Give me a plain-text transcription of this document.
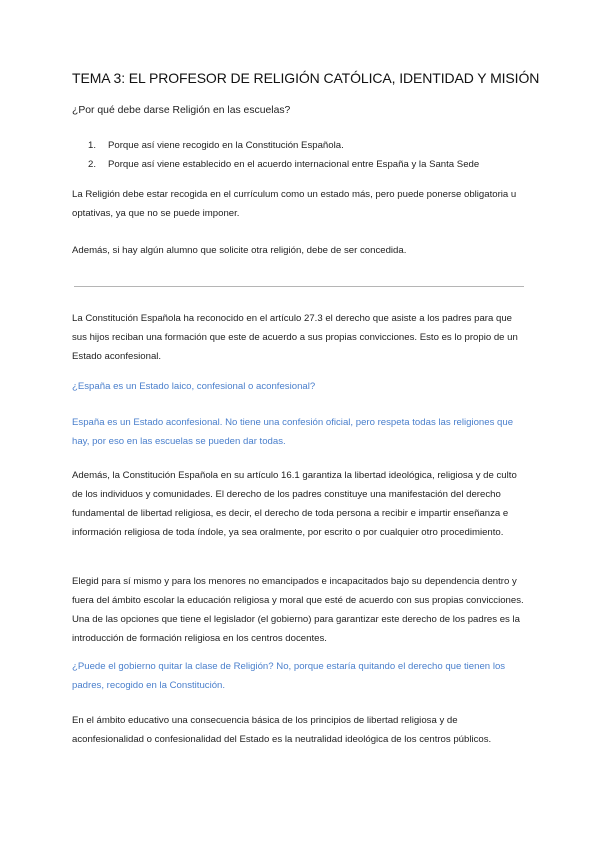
TEMA 3: EL PROFESOR DE RELIGIÓN CATÓLICA, IDENTIDAD Y MISIÓN
¿Por qué debe darse Religión en las escuelas?
1. Porque así viene recogido en la Constitución Española.
2. Porque así viene establecido en el acuerdo internacional entre España y la Santa Sede
La Religión debe estar recogida en el currículum como un estado más, pero puede ponerse obligatoria u optativas, ya que no se puede imponer.
Además, si hay algún alumno que solicite otra religión, debe de ser concedida.
La Constitución Española ha reconocido en el artículo 27.3 el derecho que asiste a los padres para que sus hijos reciban una formación que este de acuerdo a sus propias convicciones. Esto es lo propio de un Estado aconfesional.
¿España es un Estado laico, confesional o aconfesional?
España es un Estado aconfesional. No tiene una confesión oficial, pero respeta todas las religiones que hay, por eso en las escuelas se pueden dar todas.
Además, la Constitución Española en su artículo 16.1 garantiza la libertad ideológica, religiosa y de culto de los individuos y comunidades. El derecho de los padres constituye una manifestación del derecho fundamental de libertad religiosa, es decir, el derecho de toda persona a recibir e impartir enseñanza e información religiosa de toda índole, ya sea oralmente, por escrito o por cualquier otro procedimiento.
Elegid para sí mismo y para los menores no emancipados e incapacitados bajo su dependencia dentro y fuera del ámbito escolar la educación religiosa y moral que esté de acuerdo con sus propias convicciones. Una de las opciones que tiene el legislador (el gobierno) para garantizar este derecho de los padres es la introducción de formación religiosa en los centros docentes.
¿Puede el gobierno quitar la clase de Religión? No, porque estaría quitando el derecho que tienen los padres, recogido en la Constitución.
En el ámbito educativo una consecuencia básica de los principios de libertad religiosa y de aconfesionalidad o confesionalidad del Estado es la neutralidad ideológica de los centros públicos.
